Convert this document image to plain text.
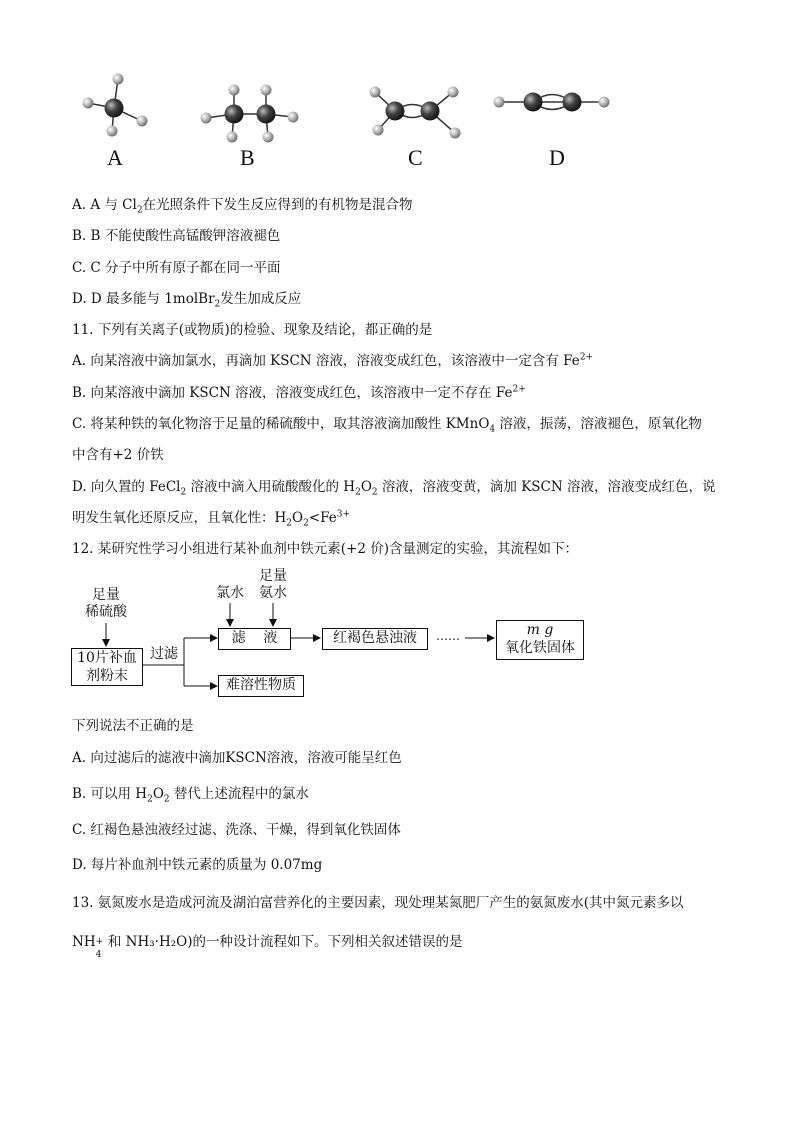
A	B	C	D
A. A 与 $Cl_2$在光照条件下发生反应得到的有机物是混合物
B. B 不能使酸性高锰酸钾溶液褪色
C. C 分子中所有原子都在同一平面
D. D 最多能与 1molBr$_2$发生加成反应
11. 下列有关离子(或物质)的检验、现象及结论，都正确的是
A. 向某溶液中滴加氯水，再滴加 KSCN 溶液，溶液变成红色，该溶液中一定含有 $Fe^{2+}$
B. 向某溶液中滴加 KSCN 溶液，溶液变成红色，该溶液中一定不存在 $Fe^{2+}$
C. 将某种铁的氧化物溶于足量的稀硫酸中，取其溶液滴加酸性 KMnO$_4$ 溶液，振荡，溶液褪色，原氧化物
中含有+2 价铁
D. 向久置的 FeCl$_2$ 溶液中滴入用硫酸酸化的 $H_2O_2$ 溶液，溶液变黄，滴加 KSCN 溶液，溶液变成红色，说
明发生氧化还原反应，且氧化性：$H_2O_2<Fe^{3+}$
12. 某研究性学习小组进行某补血剂中铁元素(+2 价)含量测定的实验，其流程如下：
足量
稀硫酸
10片补血
剂粉末
过滤
氯水
足量
氨水
滤    液	红褐色悬浊液	……	m g
氧化铁固体
难溶性物质
下列说法不正确的是
A. 向过滤后的滤液中滴加KSCN溶液，溶液可能呈红色
B. 可以用 $H_2O_2$ 替代上述流程中的氯水
C. 红褐色悬浊液经过滤、洗涤、干燥，得到氧化铁固体
D. 每片补血剂中铁元素的质量为 0.07mg
13. 氨氮废水是造成河流及湖泊富营养化的主要因素，现处理某氮肥厂产生的氨氮废水(其中氮元素多以
NH +
4
和 NH₃·H₂O)的一种设计流程如下。下列相关叙述错误的是
